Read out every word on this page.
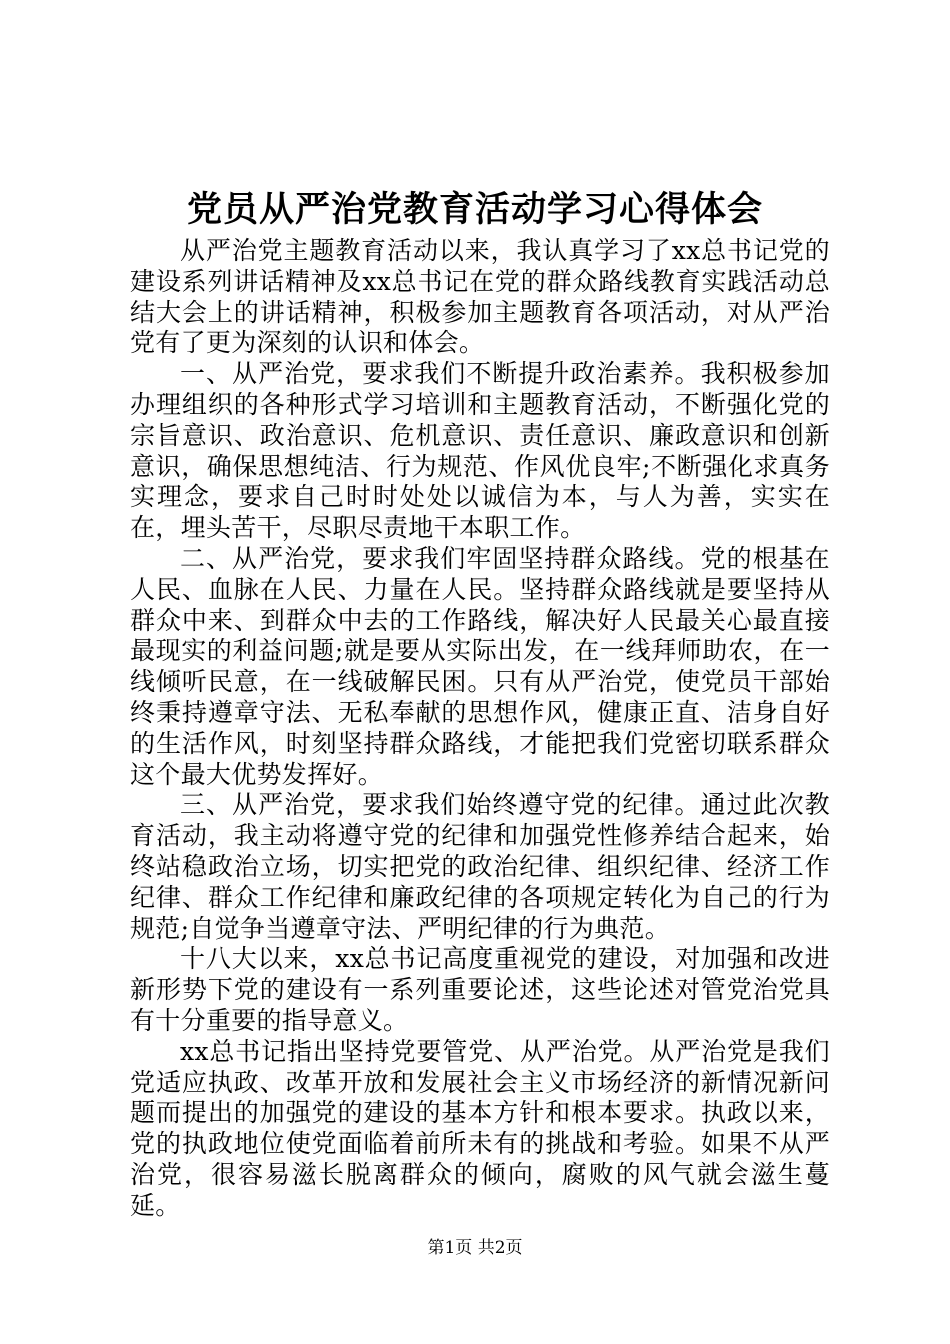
党员从严治党教育活动学习心得体会

从严治党主题教育活动以来，我认真学习了xx总书记党的建设系列讲话精神及xx总书记在党的群众路线教育实践活动总结大会上的讲话精神，积极参加主题教育各项活动，对从严治党有了更为深刻的认识和体会。

一、从严治党，要求我们不断提升政治素养。我积极参加办理组织的各种形式学习培训和主题教育活动，不断强化党的宗旨意识、政治意识、危机意识、责任意识、廉政意识和创新意识，确保思想纯洁、行为规范、作风优良牢;不断强化求真务实理念，要求自己时时处处以诚信为本，与人为善，实实在在，埋头苦干，尽职尽责地干本职工作。

二、从严治党，要求我们牢固坚持群众路线。党的根基在人民、血脉在人民、力量在人民。坚持群众路线就是要坚持从群众中来、到群众中去的工作路线，解决好人民最关心最直接最现实的利益问题;就是要从实际出发，在一线拜师助农，在一线倾听民意，在一线破解民困。只有从严治党，使党员干部始终秉持遵章守法、无私奉献的思想作风，健康正直、洁身自好的生活作风，时刻坚持群众路线，才能把我们党密切联系群众这个最大优势发挥好。

三、从严治党，要求我们始终遵守党的纪律。通过此次教育活动，我主动将遵守党的纪律和加强党性修养结合起来，始终站稳政治立场，切实把党的政治纪律、组织纪律、经济工作纪律、群众工作纪律和廉政纪律的各项规定转化为自己的行为规范;自觉争当遵章守法、严明纪律的行为典范。

十八大以来，xx总书记高度重视党的建设，对加强和改进新形势下党的建设有一系列重要论述，这些论述对管党治党具有十分重要的指导意义。

xx总书记指出坚持党要管党、从严治党。从严治党是我们党适应执政、改革开放和发展社会主义市场经济的新情况新问题而提出的加强党的建设的基本方针和根本要求。执政以来，党的执政地位使党面临着前所未有的挑战和考验。如果不从严治党，很容易滋长脱离群众的倾向，腐败的风气就会滋生蔓延。

第1页 共2页
